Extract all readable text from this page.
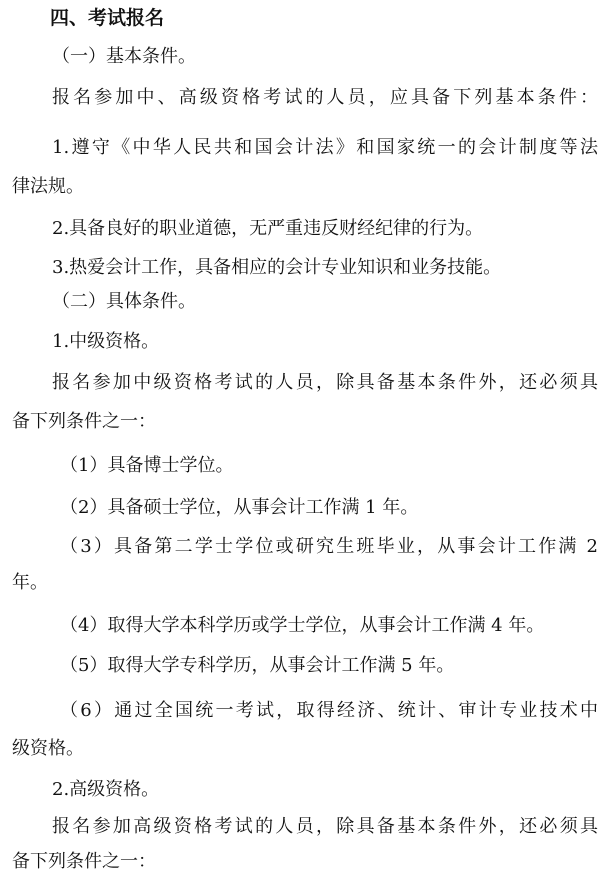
四、考试报名
（一）基本条件。
报名参加中、高级资格考试的人员，应具备下列基本条件：
1.遵守《中华人民共和国会计法》和国家统一的会计制度等法
律法规。
2.具备良好的职业道德，无严重违反财经纪律的行为。
3.热爱会计工作，具备相应的会计专业知识和业务技能。
（二）具体条件。
1.中级资格。
报名参加中级资格考试的人员，除具备基本条件外，还必须具
备下列条件之一：
（1）具备博士学位。
（2）具备硕士学位，从事会计工作满 1 年。
（3）具备第二学士学位或研究生班毕业，从事会计工作满 2
年。
（4）取得大学本科学历或学士学位，从事会计工作满 4 年。
（5）取得大学专科学历，从事会计工作满 5 年。
（6）通过全国统一考试，取得经济、统计、审计专业技术中
级资格。
2.高级资格。
报名参加高级资格考试的人员，除具备基本条件外，还必须具
备下列条件之一：
